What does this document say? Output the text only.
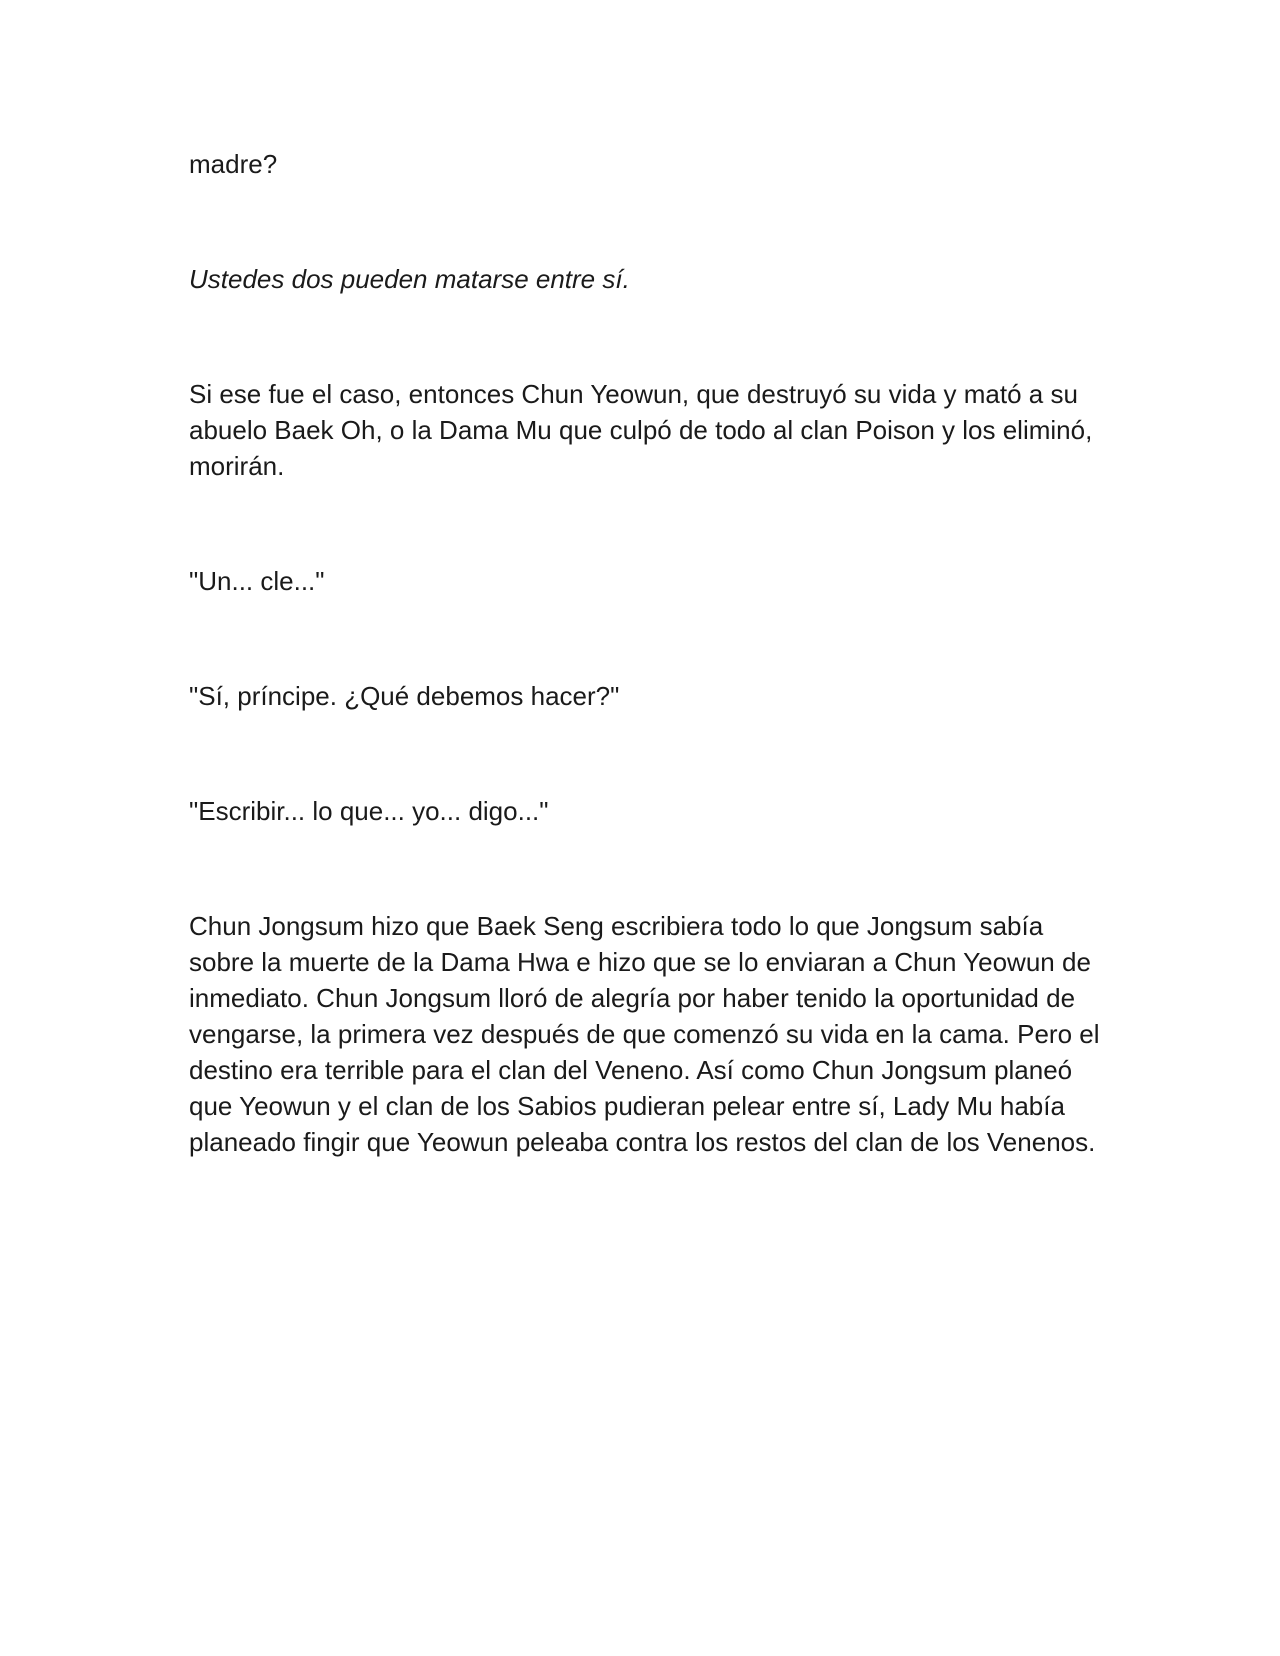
madre?

Ustedes dos pueden matarse entre sí.

Si ese fue el caso, entonces Chun Yeowun, que destruyó su vida y mató a su abuelo Baek Oh, o la Dama Mu que culpó de todo al clan Poison y los eliminó, morirán.

"Un... cle..."

"Sí, príncipe. ¿Qué debemos hacer?"

"Escribir... lo que... yo... digo..."

Chun Jongsum hizo que Baek Seng escribiera todo lo que Jongsum sabía sobre la muerte de la Dama Hwa e hizo que se lo enviaran a Chun Yeowun de inmediato. Chun Jongsum lloró de alegría por haber tenido la oportunidad de vengarse, la primera vez después de que comenzó su vida en la cama. Pero el destino era terrible para el clan del Veneno. Así como Chun Jongsum planeó que Yeowun y el clan de los Sabios pudieran pelear entre sí, Lady Mu había planeado fingir que Yeowun peleaba contra los restos del clan de los Venenos.
